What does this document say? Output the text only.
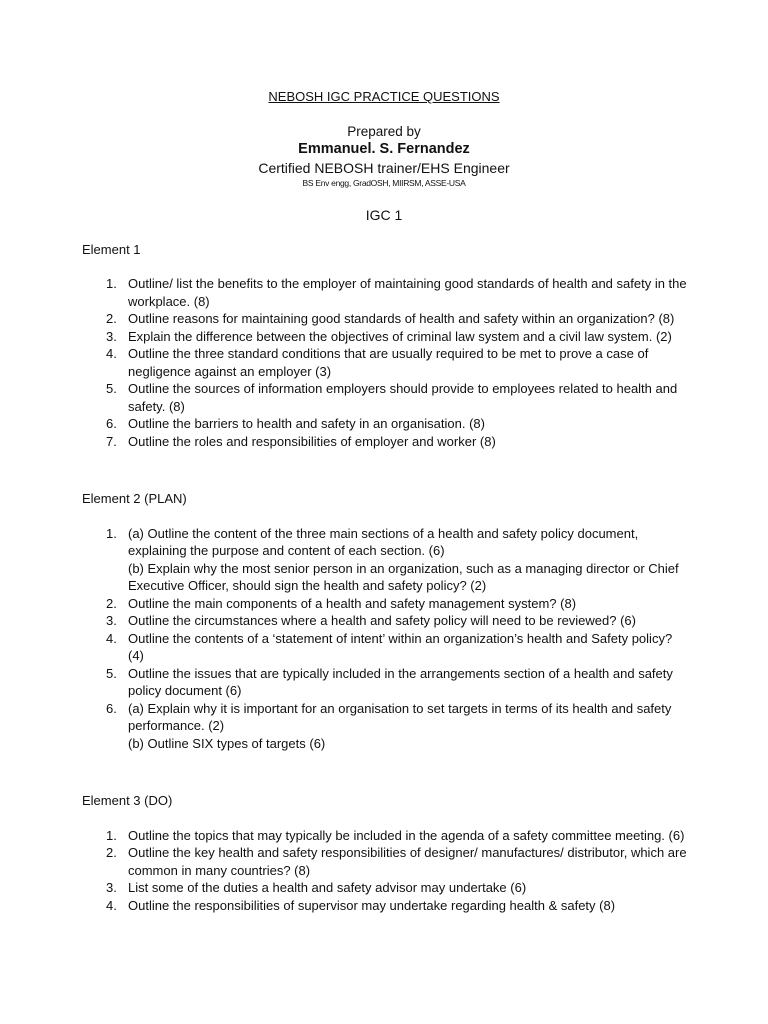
NEBOSH IGC PRACTICE QUESTIONS
Prepared by
Emmanuel. S. Fernandez
Certified NEBOSH trainer/EHS Engineer
BS Env engg, GradOSH, MIIRSM, ASSE-USA
IGC 1
Element 1
1. Outline/ list the benefits to the employer of maintaining good standards of health and safety in the
workplace. (8)
2. Outline reasons for maintaining good standards of health and safety within an organization? (8)
3. Explain the difference between the objectives of criminal law system and a civil law system. (2)
4. Outline the three standard conditions that are usually required to be met to prove a case of
negligence against an employer (3)
5. Outline the sources of information employers should provide to employees related to health and
safety. (8)
6. Outline the barriers to health and safety in an organisation. (8)
7. Outline the roles and responsibilities of employer and worker (8)
Element 2 (PLAN)
1. (a) Outline the content of the three main sections of a health and safety policy document,
explaining the purpose and content of each section. (6)
(b) Explain why the most senior person in an organization, such as a managing director or Chief
Executive Officer, should sign the health and safety policy? (2)
2. Outline the main components of a health and safety management system? (8)
3. Outline the circumstances where a health and safety policy will need to be reviewed? (6)
4. Outline the contents of a ‘statement of intent’ within an organization’s health and Safety policy?
(4)
5. Outline the issues that are typically included in the arrangements section of a health and safety
policy document (6)
6. (a) Explain why it is important for an organisation to set targets in terms of its health and safety
performance. (2)
(b) Outline SIX types of targets (6)
Element 3 (DO)
1. Outline the topics that may typically be included in the agenda of a safety committee meeting. (6)
2. Outline the key health and safety responsibilities of designer/ manufactures/ distributor, which are
common in many countries? (8)
3. List some of the duties a health and safety advisor may undertake (6)
4. Outline the responsibilities of supervisor may undertake regarding health & safety (8)
